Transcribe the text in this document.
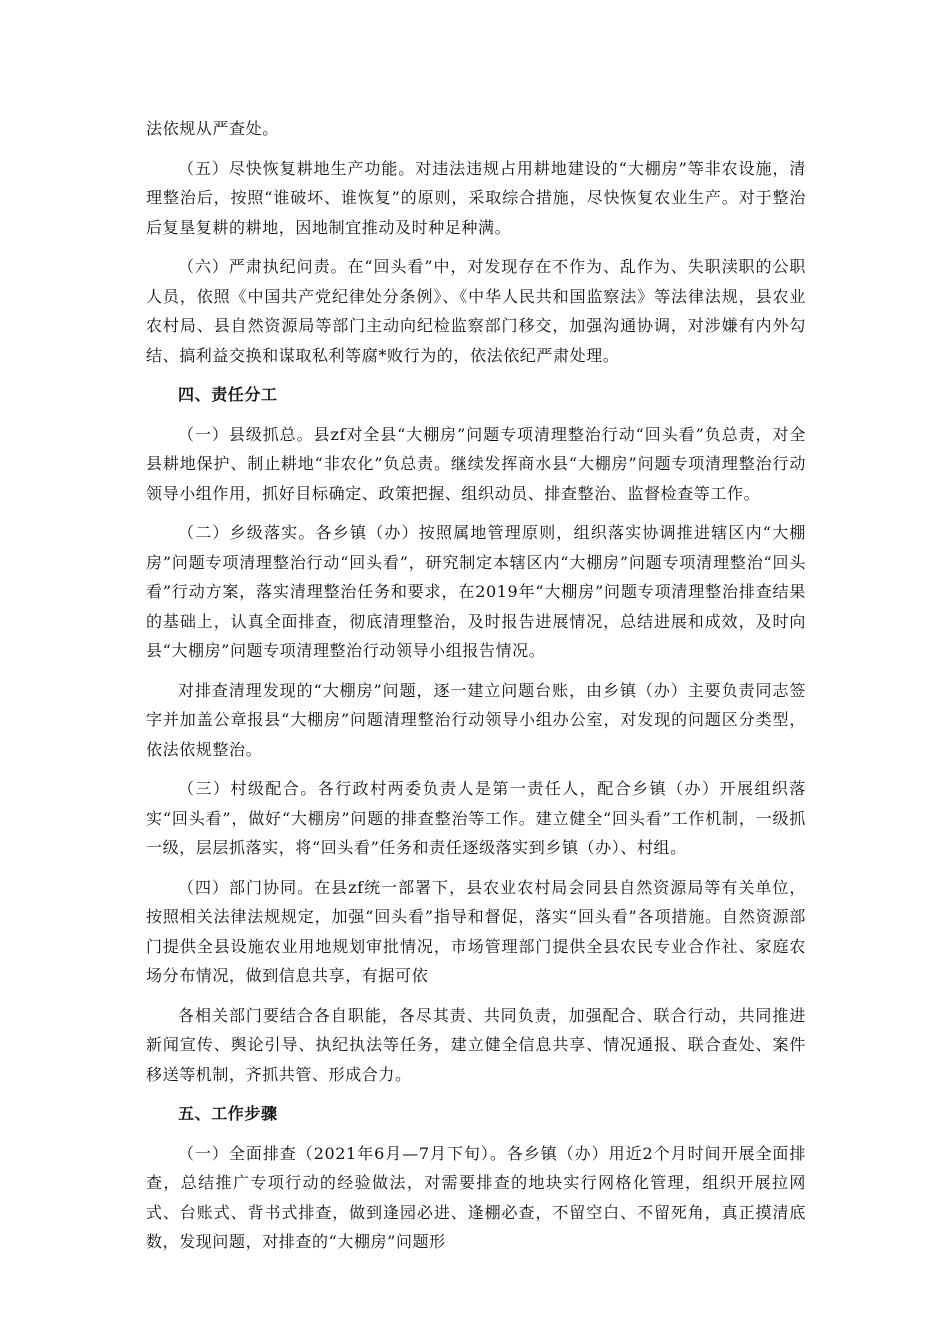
法依规从严查处。

（五）尽快恢复耕地生产功能。对违法违规占用耕地建设的“大棚房”等非农设施，清理整治后，按照“谁破坏、谁恢复”的原则，采取综合措施，尽快恢复农业生产。对于整治后复垦复耕的耕地，因地制宜推动及时种足种满。

（六）严肃执纪问责。在“回头看”中，对发现存在不作为、乱作为、失职渎职的公职人员，依照《中国共产党纪律处分条例》、《中华人民共和国监察法》等法律法规，县农业农村局、县自然资源局等部门主动向纪检监察部门移交，加强沟通协调，对涉嫌有内外勾结、搞利益交换和谋取私利等腐*败行为的，依法依纪严肃处理。

四、责任分工

（一）县级抓总。县zf对全县“大棚房”问题专项清理整治行动“回头看”负总责，对全县耕地保护、制止耕地“非农化”负总责。继续发挥商水县“大棚房”问题专项清理整治行动领导小组作用，抓好目标确定、政策把握、组织动员、排查整治、监督检查等工作。

（二）乡级落实。各乡镇（办）按照属地管理原则，组织落实协调推进辖区内“大棚房”问题专项清理整治行动“回头看”，研究制定本辖区内“大棚房”问题专项清理整治“回头看”行动方案，落实清理整治任务和要求，在2019年“大棚房”问题专项清理整治排查结果的基础上，认真全面排查，彻底清理整治，及时报告进展情况，总结进展和成效，及时向县“大棚房”问题专项清理整治行动领导小组报告情况。

对排查清理发现的“大棚房”问题，逐一建立问题台账，由乡镇（办）主要负责同志签字并加盖公章报县“大棚房”问题清理整治行动领导小组办公室，对发现的问题区分类型，依法依规整治。

（三）村级配合。各行政村两委负责人是第一责任人，配合乡镇（办）开展组织落实“回头看”，做好“大棚房”问题的排查整治等工作。建立健全“回头看”工作机制，一级抓一级，层层抓落实，将“回头看”任务和责任逐级落实到乡镇（办）、村组。

（四）部门协同。在县zf统一部署下，县农业农村局会同县自然资源局等有关单位，按照相关法律法规规定，加强“回头看”指导和督促，落实“回头看”各项措施。自然资源部门提供全县设施农业用地规划审批情况，市场管理部门提供全县农民专业合作社、家庭农场分布情况，做到信息共享，有据可依

各相关部门要结合各自职能，各尽其责、共同负责，加强配合、联合行动，共同推进新闻宣传、舆论引导、执纪执法等任务，建立健全信息共享、情况通报、联合查处、案件移送等机制，齐抓共管、形成合力。

五、工作步骤

（一）全面排查（2021年6月—7月下旬）。各乡镇（办）用近2个月时间开展全面排查，总结推广专项行动的经验做法，对需要排查的地块实行网格化管理，组织开展拉网式、台账式、背书式排查，做到逢园必进、逢棚必查，不留空白、不留死角，真正摸清底数，发现问题，对排查的“大棚房”问题形
